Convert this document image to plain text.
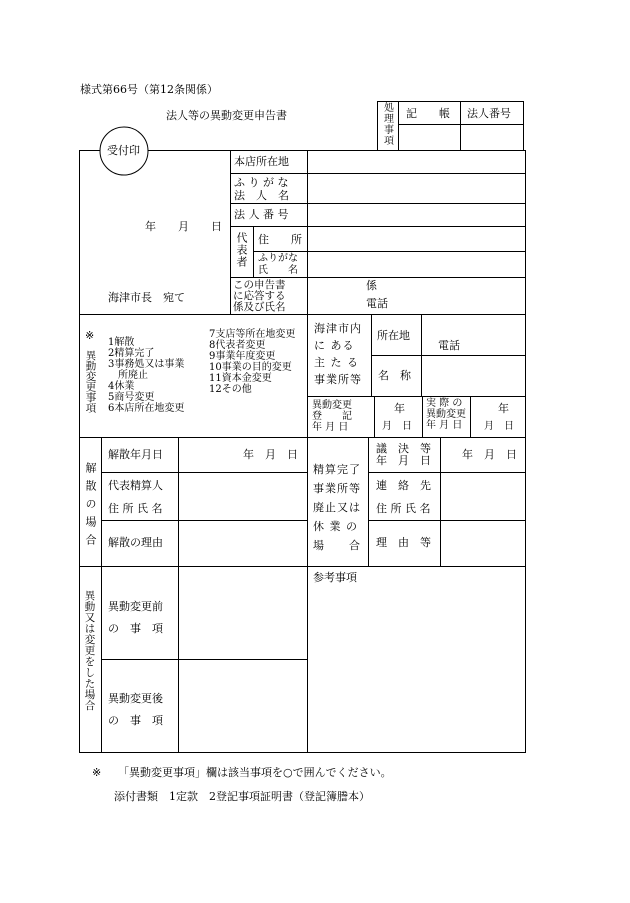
様式第66号（第12条関係）
法人等の異動変更申告書
処理事項
記　　帳 法人番号
受付印
年　　月　　日
海津市長　宛て
本店所在地
ふ り が な
法　人　名
法 人 番 号
代表者 住　　所
ふりがな
氏　　名
この申告書
に応答する
係及び氏名
係
電話
※
異動変更事項
1解散
2精算完了
3事務処又は事業
　所廃止
4休業
5商号変更
6本店所在地変更
7支店等所在地変更
8代表者変更
9事業年度変更
10事業の目的変更
11資本金変更
12その他
海津市内
に ある
主 た る
事業所等
所在地
電話
名　称
異動変更
登　　記
年 月 日
年
月　日
実 際 の
異動変更
年 月 日
年
月　日
解散の場合
解散年月日	年　月　日
代表精算人
住 所 氏 名
解散の理由
精算完了
事業所等
廃止又は
休 業 の
場　　合
議　決　等
年　月　日	年　月　日
連　絡　先
住 所 氏 名
理　由　等
異動又は変更をした場合 異動変更前
の　事　項
異動変更後
の　事　項
参考事項
※ 「異動変更事項」欄は該当事項を○で囲んでください。
添付書類　1定款　2登記事項証明書（登記簿謄本）
